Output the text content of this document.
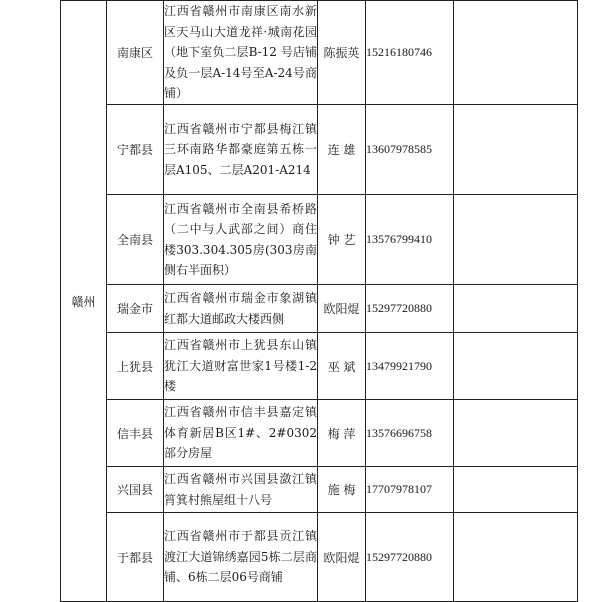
赣州	南康区	江西省赣州市南康区南水新区天马山大道龙祥·城南花园（地下室负二层B-12 号店铺及负一层A-14号至A-24号商铺）	陈振英	15216180746	
	宁都县	江西省赣州市宁都县梅江镇三环南路华都豪庭第五栋一层A105、二层A201-A214	连 雄	13607978585	
	全南县	江西省赣州市全南县希桥路（二中与人武部之间）商住楼303.304.305房(303房南侧右半面积）	钟 艺	13576799410	
	瑞金市	江西省赣州市瑞金市象湖镇红都大道邮政大楼西侧	欧阳焜	15297720880	
	上犹县	江西省赣州市上犹县东山镇犹江大道财富世家1号楼1-2楼	巫 斌	13479921790	
	信丰县	江西省赣州市信丰县嘉定镇体育新居B区1#、2#0302部分房屋	梅 萍	13576696758	
	兴国县	江西省赣州市兴国县潋江镇筲箕村熊屋组十八号	施 梅	17707978107	
	于都县	江西省赣州市于都县贡江镇渡江大道锦绣嘉园5栋二层商铺、6栋二层06号商铺	欧阳焜	15297720880	
